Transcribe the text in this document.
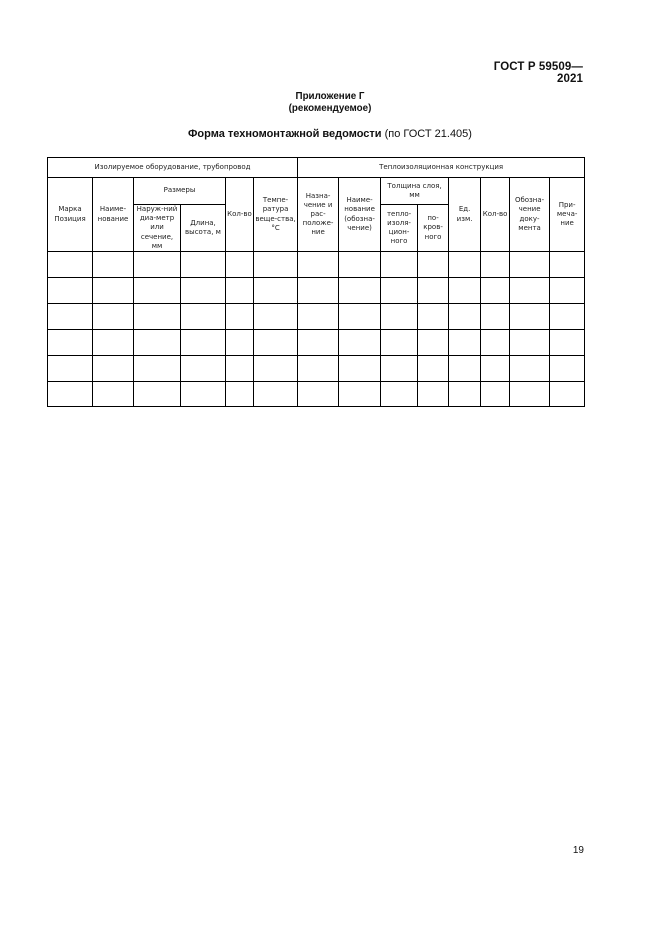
ГОСТ Р 59509—2021
Приложение Г
(рекомендуемое)
Форма техномонтажной ведомости (по ГОСТ 21.405)
Изолируемое оборудование, трубопровод						Теплоизоляционная конструкция							
Марка Позиция	Наиме-нование	Размеры		Кол-во	Темпе-ратура веще-ства, °С	Назна-чение и рас-положе-ние	Наиме-нование (обозна-чение)	Толщина слоя, мм		Ед. изм.	Кол-во	Обозна-чение доку-мента	При-меча-ние
		Наруж-ний диа-метр или сечение, мм	Длина, высота, м					тепло-изоля-цион-ного	по-кров-ного				

19
